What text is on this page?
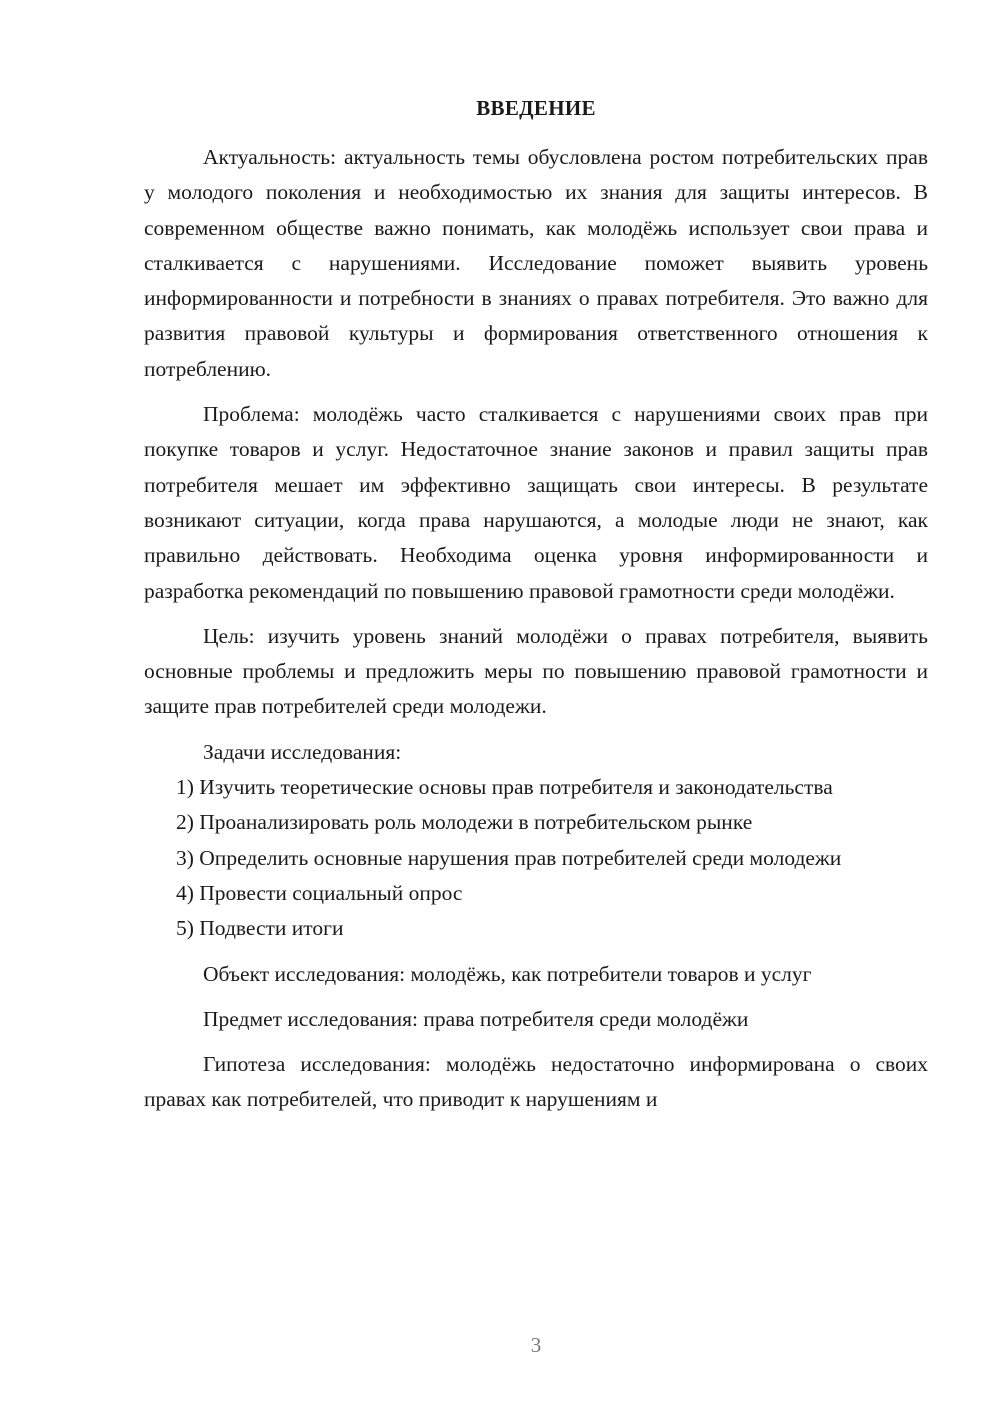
ВВЕДЕНИЕ

Актуальность: актуальность темы обусловлена ростом потребительских прав у молодого поколения и необходимостью их знания для защиты интересов. В современном обществе важно понимать, как молодёжь использует свои права и сталкивается с нарушениями. Исследование поможет выявить уровень информированности и потребности в знаниях о правах потребителя. Это важно для развития правовой культуры и формирования ответственного отношения к потреблению.

Проблема: молодёжь часто сталкивается с нарушениями своих прав при покупке товаров и услуг. Недостаточное знание законов и правил защиты прав потребителя мешает им эффективно защищать свои интересы. В результате возникают ситуации, когда права нарушаются, а молодые люди не знают, как правильно действовать. Необходима оценка уровня информированности и разработка рекомендаций по повышению правовой грамотности среди молодёжи.

Цель: изучить уровень знаний молодёжи о правах потребителя, выявить основные проблемы и предложить меры по повышению правовой грамотности и защите прав потребителей среди молодежи.

Задачи исследования:

1) Изучить теоретические основы прав потребителя и законодательства

2) Проанализировать роль молодежи в потребительском рынке

3) Определить основные нарушения прав потребителей среди молодежи

4) Провести социальный опрос

5) Подвести итоги

Объект исследования: молодёжь, как потребители товаров и услуг

Предмет исследования: права потребителя среди молодёжи

Гипотеза исследования: молодёжь недостаточно информирована о своих правах как потребителей, что приводит к нарушениям и

3
